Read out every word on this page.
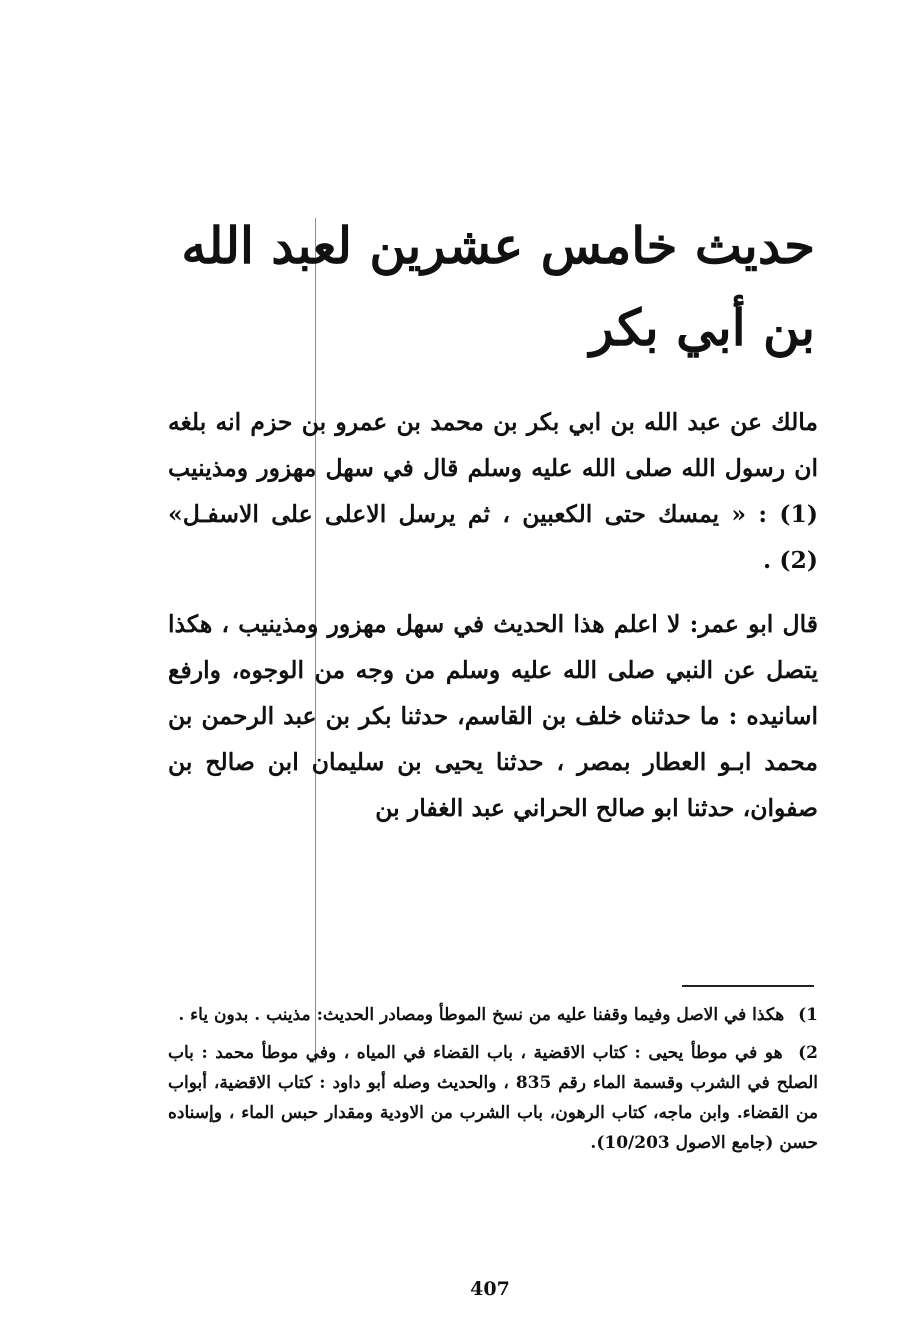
حديث خامس عشرين لعبد الله بن أبي بكر

مالك عن عبد الله بن ابي بكر بن محمد بن عمرو بن حزم انه بلغه ان رسول الله صلى الله عليه وسلم قال في سهل مهزور ومذينيب (1) : « يمسك حتى الكعبين ، ثم يرسل الاعلى على الاسفـل» (2) .

قال ابو عمر: لا اعلم هذا الحديث في سهل مهزور ومذينيب ، هكذا يتصل عن النبي صلى الله عليه وسلم من وجه من الوجوه، وارفع اسانيده : ما حدثناه خلف بن القاسم، حدثنا بكر بن عبد الرحمن بن محمد ابـو العطار بمصر ، حدثنا يحيى بن سليمان ابن صالح بن صفوان، حدثنا ابو صالح الحراني عبد الغفار بن

1) هكذا في الاصل وفيما وقفنا عليه من نسخ الموطأ ومصادر الحديث: مذينب . بدون ياء .

2) هو في موطأ يحيى : كتاب الاقضية ، باب القضاء في المياه ، وفي موطأ محمد : باب الصلح في الشرب وقسمة الماء رقم 835 ، والحديث وصله أبو داود : كتاب الاقضية، أبواب من القضاء. وابن ماجه، كتاب الرهون، باب الشرب من الاودية ومقدار حبس الماء ، وإسناده حسن (جامع الاصول 10/203).

407
